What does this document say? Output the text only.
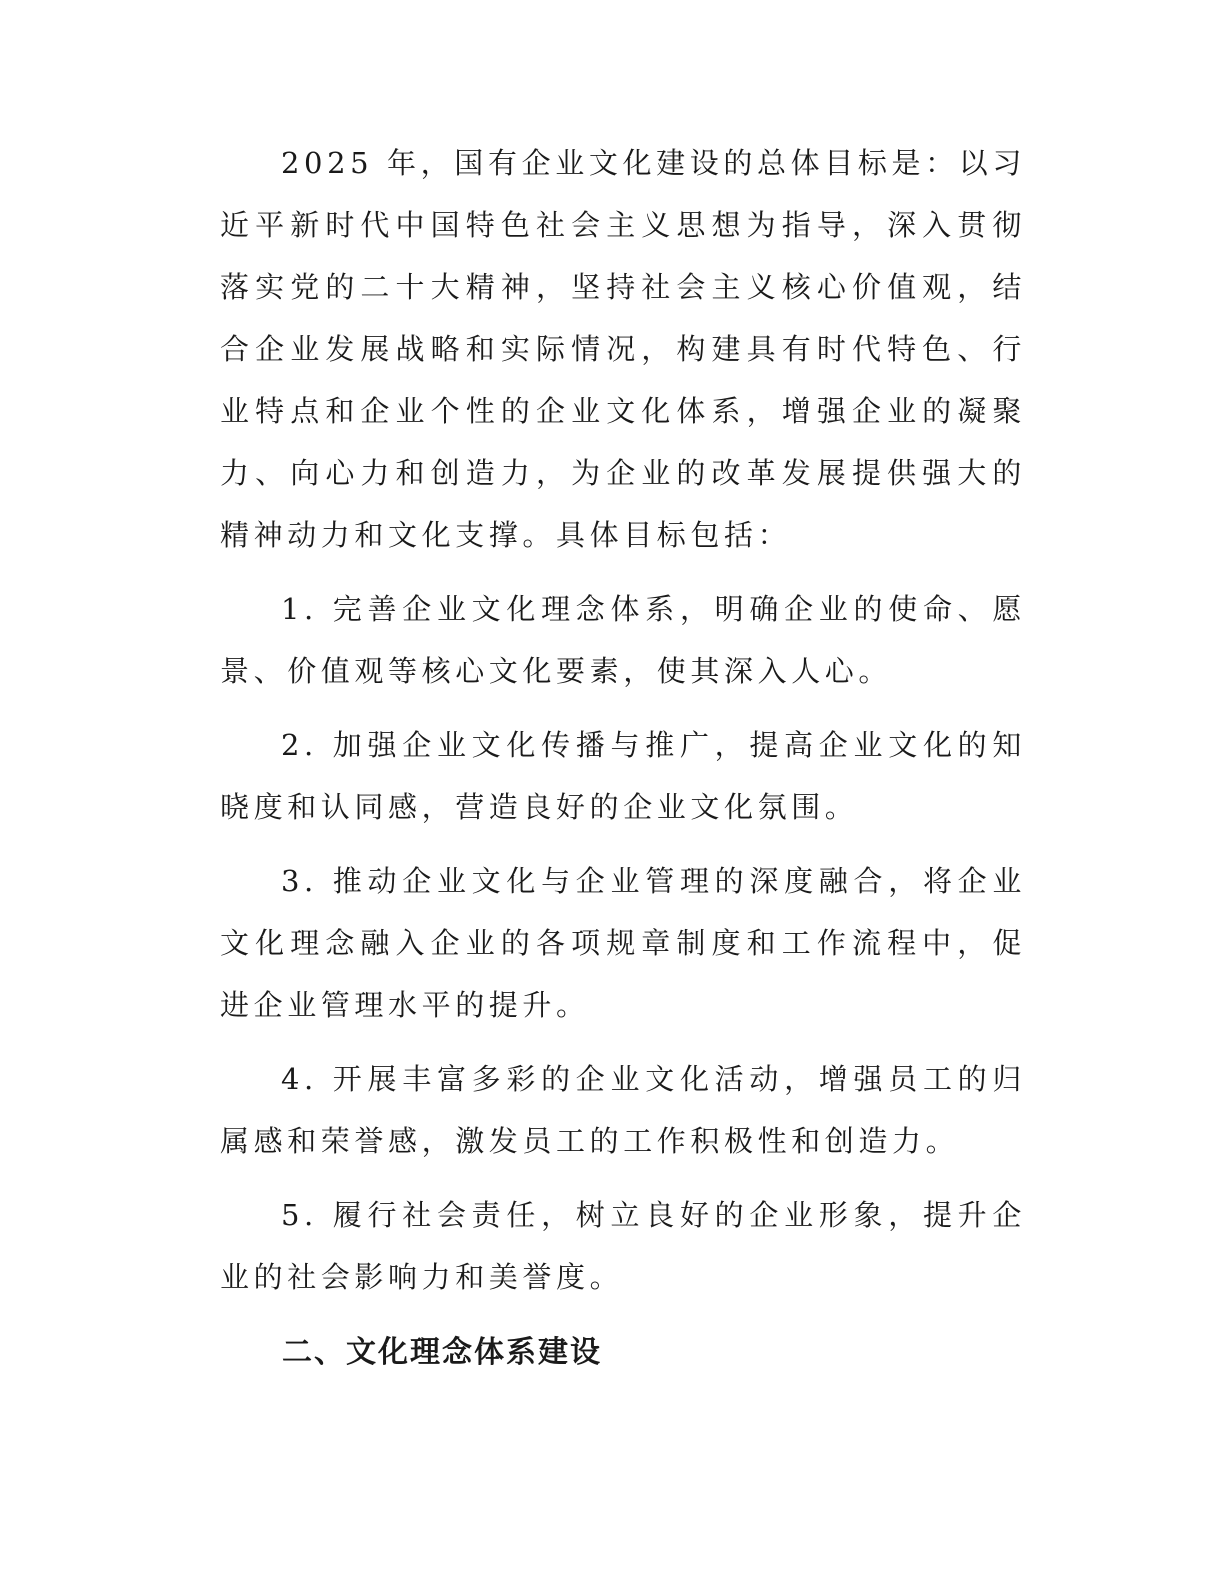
2025 年，国有企业文化建设的总体目标是：以习近平新时代中国特色社会主义思想为指导，深入贯彻落实党的二十大精神，坚持社会主义核心价值观，结合企业发展战略和实际情况，构建具有时代特色、行业特点和企业个性的企业文化体系，增强企业的凝聚力、向心力和创造力，为企业的改革发展提供强大的精神动力和文化支撑。具体目标包括：

1. 完善企业文化理念体系，明确企业的使命、愿景、价值观等核心文化要素，使其深入人心。

2. 加强企业文化传播与推广，提高企业文化的知晓度和认同感，营造良好的企业文化氛围。

3. 推动企业文化与企业管理的深度融合，将企业文化理念融入企业的各项规章制度和工作流程中，促进企业管理水平的提升。

4. 开展丰富多彩的企业文化活动，增强员工的归属感和荣誉感，激发员工的工作积极性和创造力。

5. 履行社会责任，树立良好的企业形象，提升企业的社会影响力和美誉度。

二、文化理念体系建设
